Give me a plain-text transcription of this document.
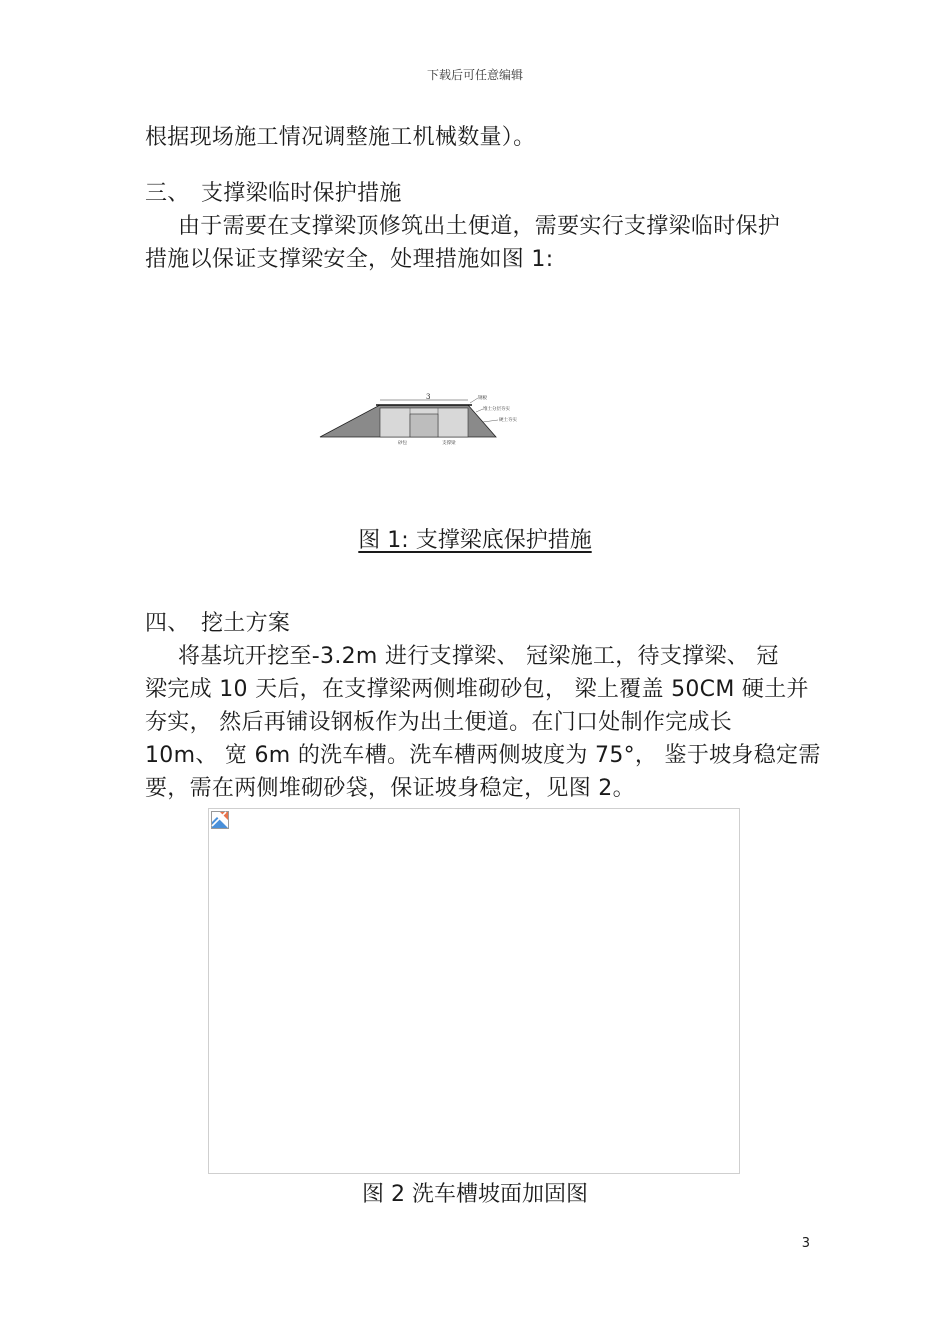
下载后可任意编辑
根据现场施工情况调整施工机械数量）。
三、 支撑梁临时保护措施
由于需要在支撑梁顶修筑出土便道，需要实行支撑梁临时保护
措施以保证支撑梁安全，处理措施如图 1:
3	钢板
堆土分层夯实
硬土夯实
砂包	支撑梁
图 1: 支撑梁底保护措施
四、 挖土方案
将基坑开挖至-3.2m 进行支撑梁、 冠梁施工，待支撑梁、 冠
梁完成 10 天后，在支撑梁两侧堆砌砂包， 梁上覆盖 50CM 硬土并
夯实， 然后再铺设钢板作为出土便道。在门口处制作完成长
10m、 宽 6m 的洗车槽。洗车槽两侧坡度为 75°， 鉴于坡身稳定需
要，需在两侧堆砌砂袋，保证坡身稳定，见图 2。
图 2 洗车槽坡面加固图
3
